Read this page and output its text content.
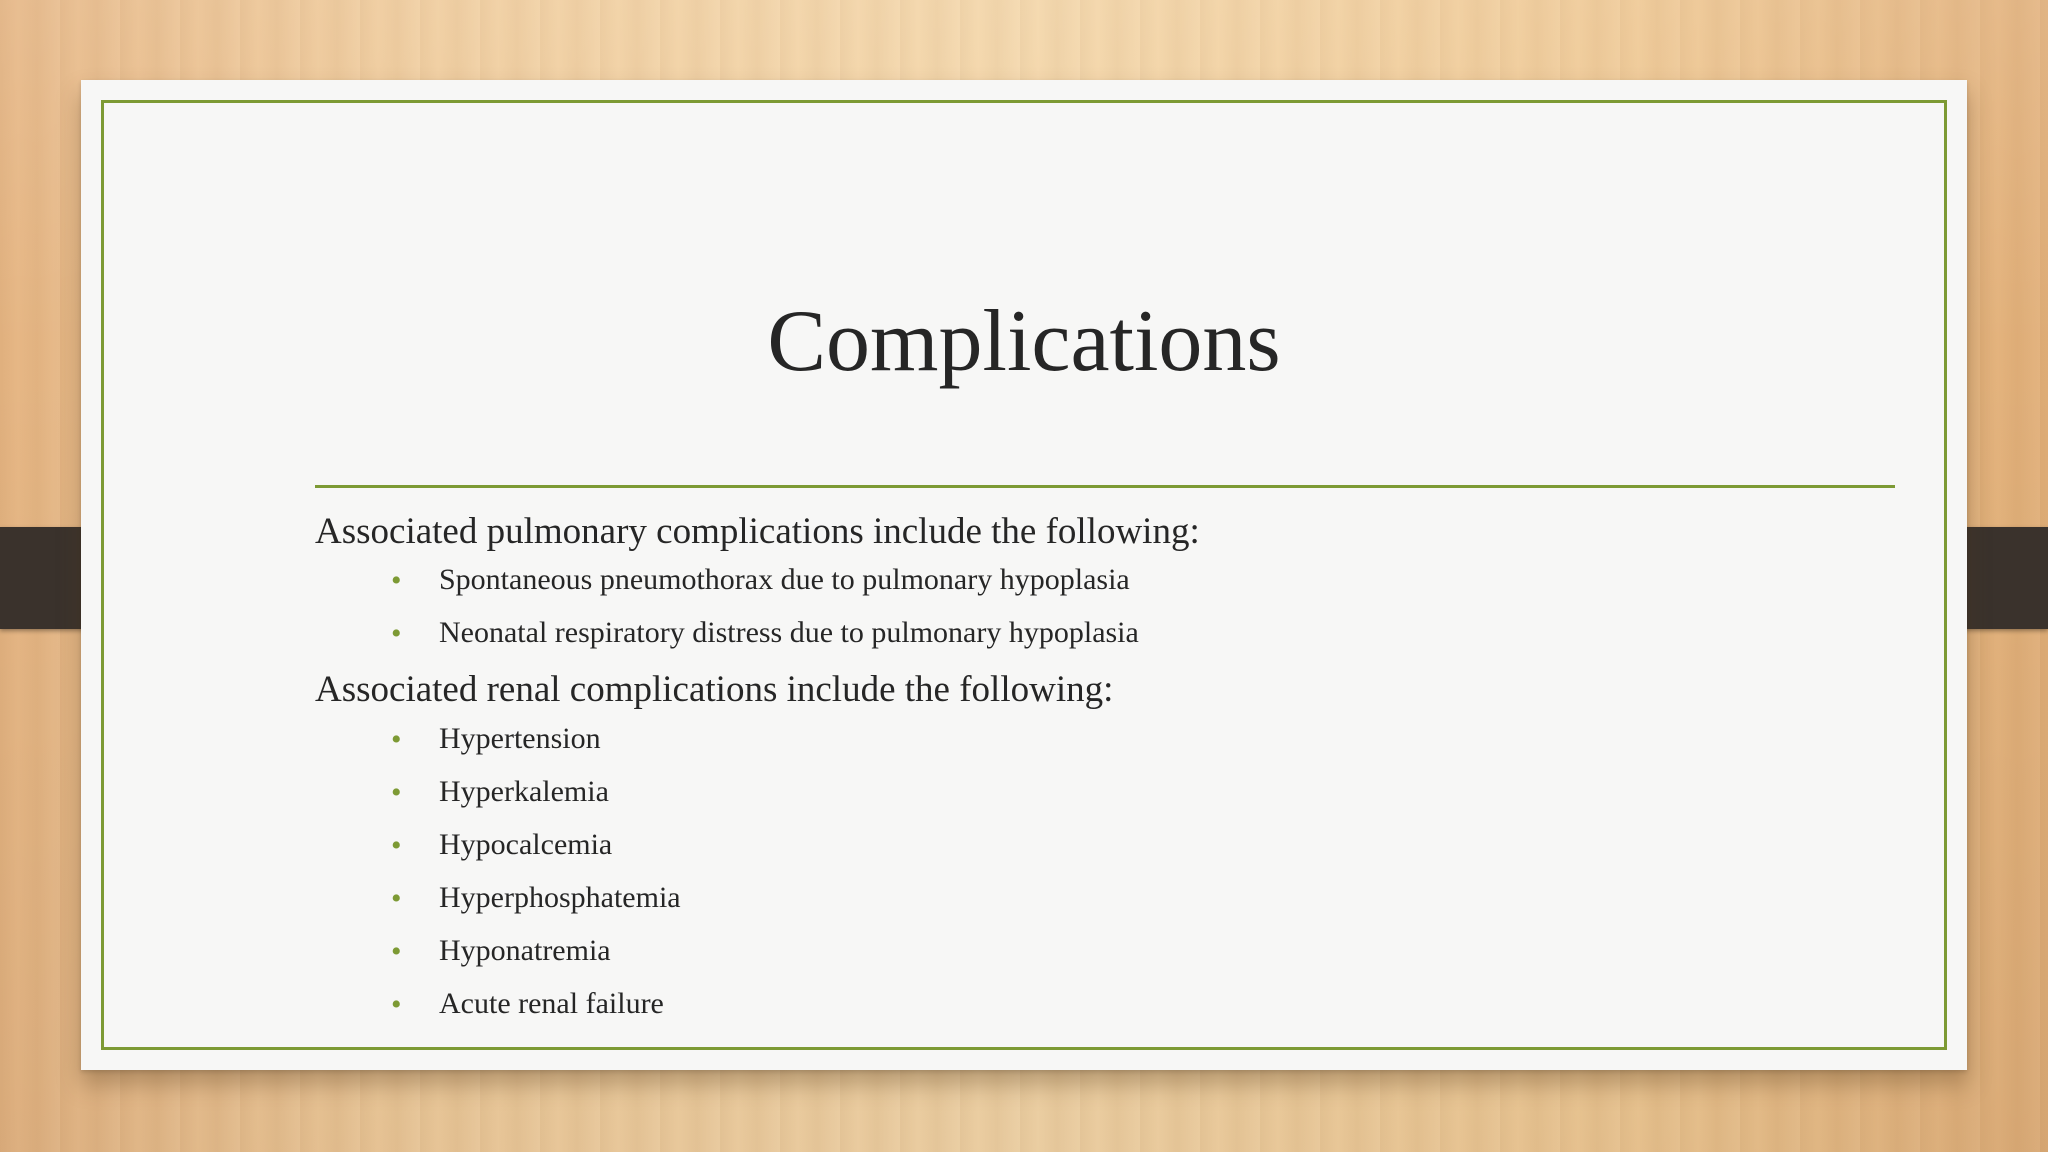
Complications

Associated pulmonary complications include the following:

• Spontaneous pneumothorax due to pulmonary hypoplasia
• Neonatal respiratory distress due to pulmonary hypoplasia

Associated renal complications include the following:

• Hypertension
• Hyperkalemia
• Hypocalcemia
• Hyperphosphatemia
• Hyponatremia
• Acute renal failure
